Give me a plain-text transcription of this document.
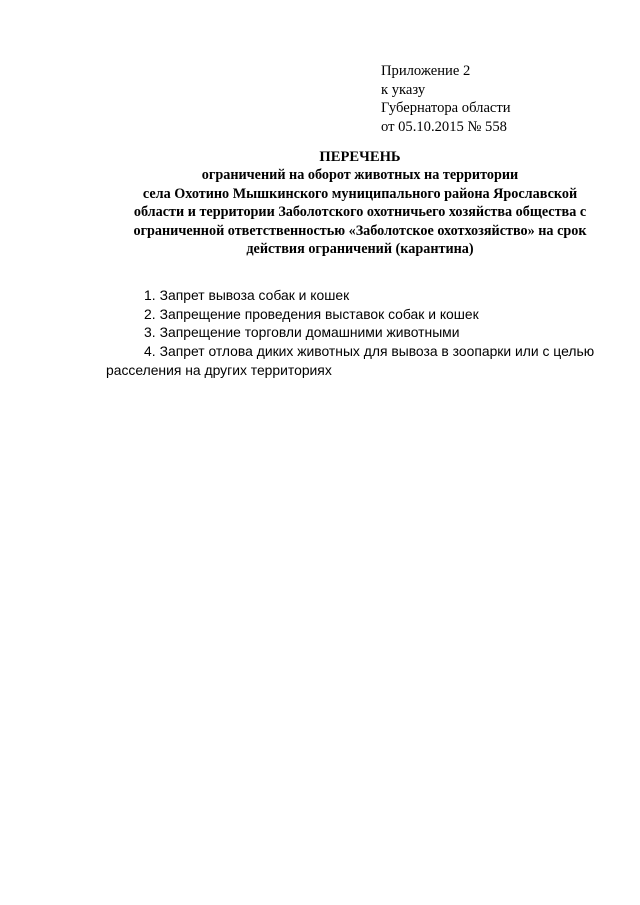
Приложение 2
к указу
Губернатора области
от 05.10.2015 № 558
ПЕРЕЧЕНЬ
ограничений на оборот животных на территории
села Охотино Мышкинского муниципального района Ярославской
области и территории Заболотского охотничьего хозяйства общества с
ограниченной ответственностью «Заболотское охотхозяйство» на срок
действия ограничений (карантина)
1. Запрет вывоза собак и кошек
2. Запрещение проведения выставок собак и кошек
3. Запрещение торговли домашними животными
4. Запрет отлова диких животных для вывоза в зоопарки или с целью
расселения на других территориях
